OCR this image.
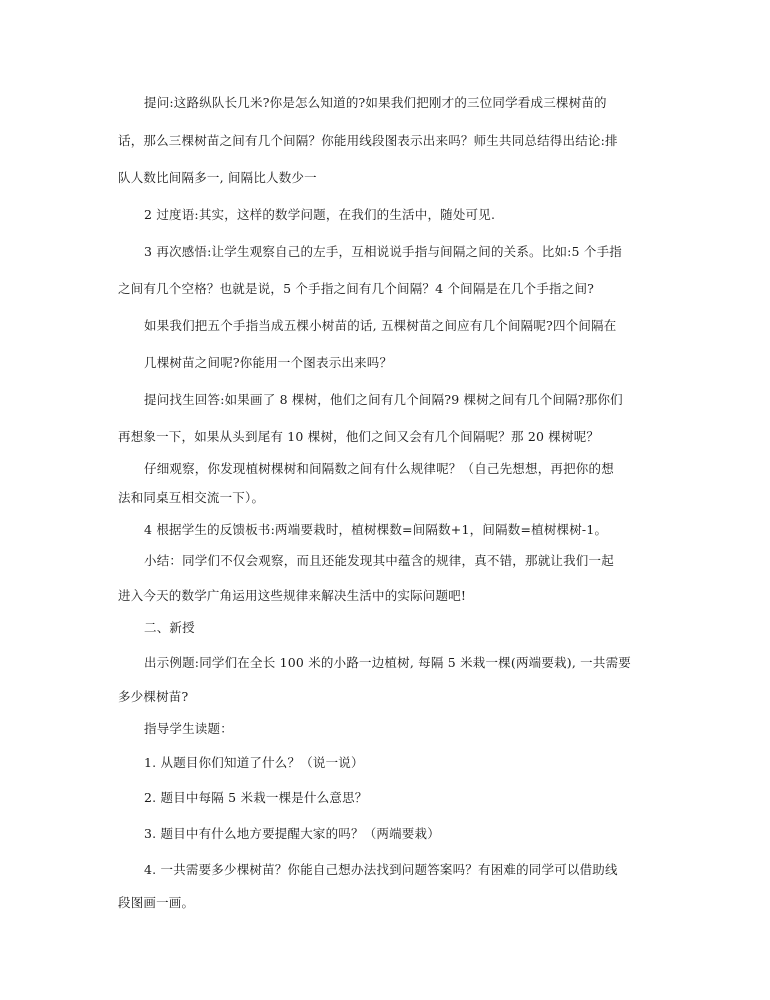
提问:这路纵队长几米?你是怎么知道的?如果我们把刚才的三位同学看成三棵树苗的
话，那么三棵树苗之间有几个间隔？你能用线段图表示出来吗？师生共同总结得出结论:排
队人数比间隔多一, 间隔比人数少一
2 过度语:其实，这样的数学问题，在我们的生活中，随处可见.
3 再次感悟:让学生观察自己的左手，互相说说手指与间隔之间的关系。比如:5 个手指
之间有几个空格？也就是说，5 个手指之间有几个间隔？4 个间隔是在几个手指之间?
如果我们把五个手指当成五棵小树苗的话, 五棵树苗之间应有几个间隔呢?四个间隔在
几棵树苗之间呢?你能用一个图表示出来吗？
提问找生回答:如果画了 8 棵树，他们之间有几个间隔?9 棵树之间有几个间隔?那你们
再想象一下，如果从头到尾有 10 棵树，他们之间又会有几个间隔呢？那 20 棵树呢？
仔细观察，你发现植树棵树和间隔数之间有什么规律呢？（自己先想想，再把你的想
法和同桌互相交流一下）。
4 根据学生的反馈板书:两端要栽时，植树棵数=间隔数+1，间隔数=植树棵树-1。
小结：同学们不仅会观察，而且还能发现其中蕴含的规律，真不错，那就让我们一起
进入今天的数学广角运用这些规律来解决生活中的实际问题吧!
二、新授
出示例题:同学们在全长 100 米的小路一边植树, 每隔 5 米栽一棵(两端要栽), 一共需要
多少棵树苗?
指导学生读题：
1. 从题目你们知道了什么？（说一说）
2. 题目中每隔 5 米栽一棵是什么意思？
3. 题目中有什么地方要提醒大家的吗？（两端要栽）
4. 一共需要多少棵树苗？你能自己想办法找到问题答案吗？有困难的同学可以借助线
段图画一画。
